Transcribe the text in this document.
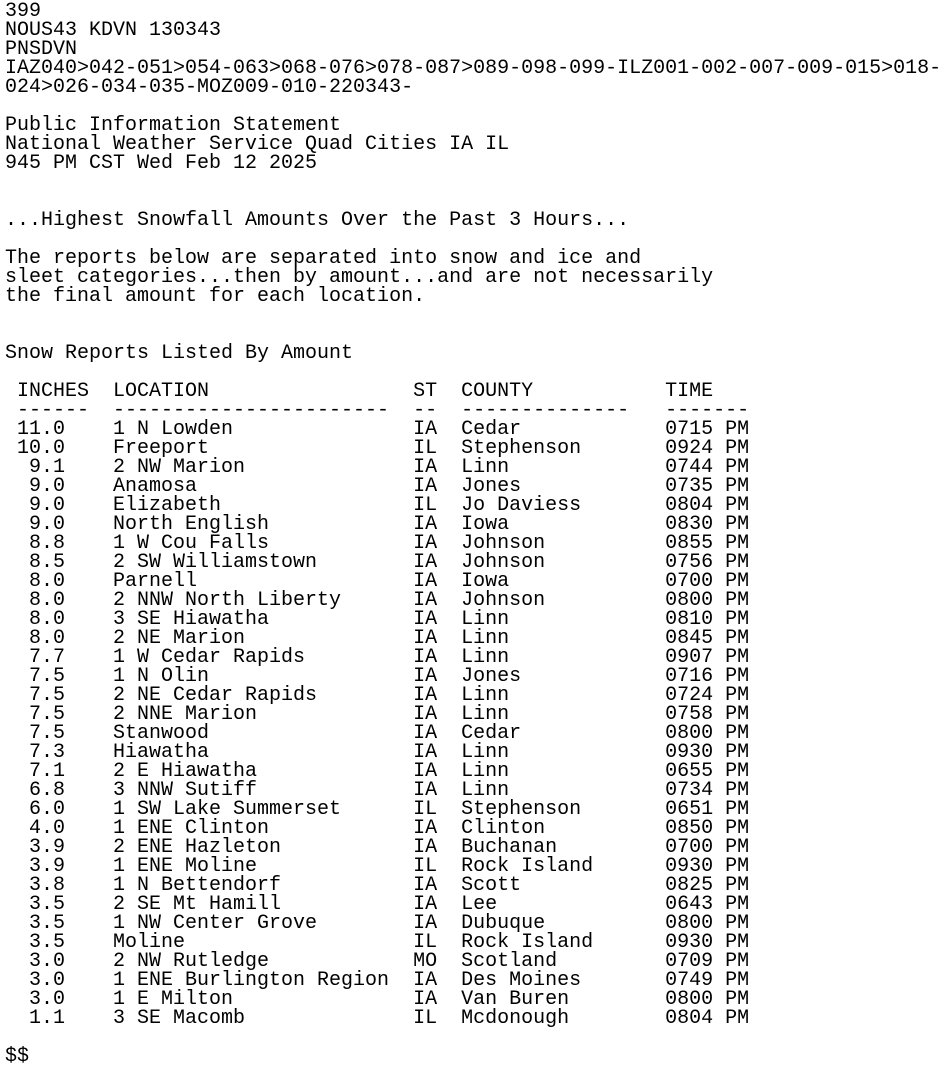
399
NOUS43 KDVN 130343
PNSDVN
IAZ040>042-051>054-063>068-076>078-087>089-098-099-ILZ001-002-007-009-015>018-
024>026-034-035-MOZ009-010-220343-

Public Information Statement
National Weather Service Quad Cities IA IL
945 PM CST Wed Feb 12 2025

...Highest Snowfall Amounts Over the Past 3 Hours...

The reports below are separated into snow and ice and
sleet categories...then by amount...and are not necessarily
the final amount for each location.

Snow Reports Listed By Amount

INCHES  LOCATION                 ST  COUNTY           TIME
------  -----------------------  --  --------------   -------
11.0    1 N Lowden               IA  Cedar            0715 PM
10.0    Freeport                 IL  Stephenson       0924 PM
9.1    2 NW Marion              IA  Linn             0744 PM
9.0    Anamosa                  IA  Jones            0735 PM
9.0    Elizabeth                IL  Jo Daviess       0804 PM
9.0    North English            IA  Iowa             0830 PM
8.8    1 W Cou Falls            IA  Johnson          0855 PM
8.5    2 SW Williamstown        IA  Johnson          0756 PM
8.0    Parnell                  IA  Iowa             0700 PM
8.0    2 NNW North Liberty      IA  Johnson          0800 PM
8.0    3 SE Hiawatha            IA  Linn             0810 PM
8.0    2 NE Marion              IA  Linn             0845 PM
7.7    1 W Cedar Rapids         IA  Linn             0907 PM
7.5    1 N Olin                 IA  Jones            0716 PM
7.5    2 NE Cedar Rapids        IA  Linn             0724 PM
7.5    2 NNE Marion             IA  Linn             0758 PM
7.5    Stanwood                 IA  Cedar            0800 PM
7.3    Hiawatha                 IA  Linn             0930 PM
7.1    2 E Hiawatha             IA  Linn             0655 PM
6.8    3 NNW Sutiff             IA  Linn             0734 PM
6.0    1 SW Lake Summerset      IL  Stephenson       0651 PM
4.0    1 ENE Clinton            IA  Clinton          0850 PM
3.9    2 ENE Hazleton           IA  Buchanan         0700 PM
3.9    1 ENE Moline             IL  Rock Island      0930 PM
3.8    1 N Bettendorf           IA  Scott            0825 PM
3.5    2 SE Mt Hamill           IA  Lee              0643 PM
3.5    1 NW Center Grove        IA  Dubuque          0800 PM
3.5    Moline                   IL  Rock Island      0930 PM
3.0    2 NW Rutledge            MO  Scotland         0709 PM
3.0    1 ENE Burlington Region  IA  Des Moines       0749 PM
3.0    1 E Milton               IA  Van Buren        0800 PM
1.1    3 SE Macomb              IL  Mcdonough        0804 PM

$$
